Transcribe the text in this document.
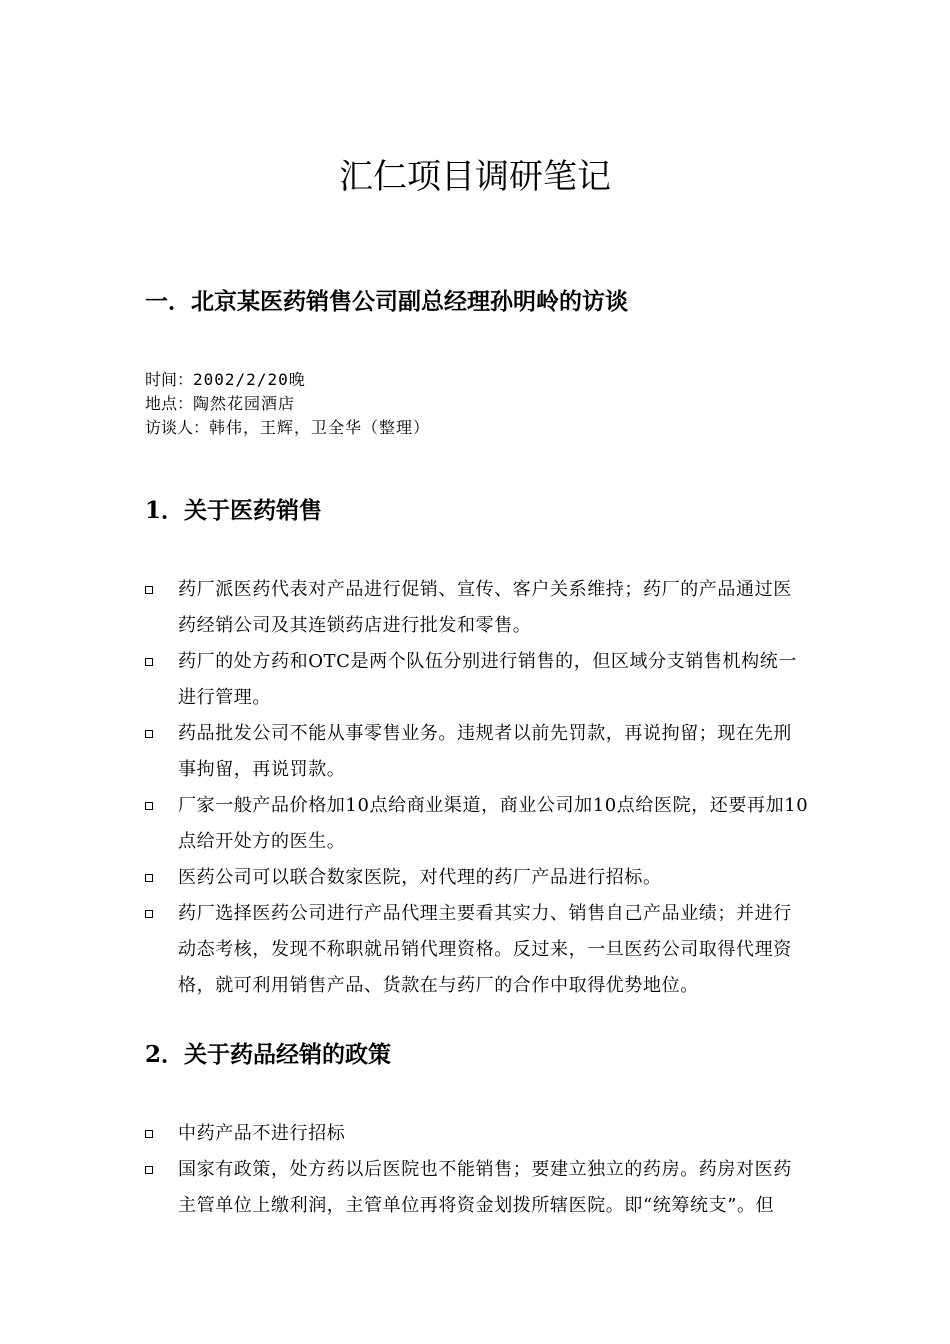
汇仁项目调研笔记
一．北京某医药销售公司副总经理孙明岭的访谈
时间：2002/2/20晚
地点：陶然花园酒店
访谈人：韩伟，王辉，卫全华（整理）
1．关于医药销售
药厂派医药代表对产品进行促销、宣传、客户关系维持；药厂的产品通过医药经销公司及其连锁药店进行批发和零售。
药厂的处方药和OTC是两个队伍分别进行销售的，但区域分支销售机构统一进行管理。
药品批发公司不能从事零售业务。违规者以前先罚款，再说拘留；现在先刑事拘留，再说罚款。
厂家一般产品价格加10点给商业渠道，商业公司加10点给医院，还要再加10点给开处方的医生。
医药公司可以联合数家医院，对代理的药厂产品进行招标。
药厂选择医药公司进行产品代理主要看其实力、销售自己产品业绩；并进行动态考核，发现不称职就吊销代理资格。反过来，一旦医药公司取得代理资格，就可利用销售产品、货款在与药厂的合作中取得优势地位。
2．关于药品经销的政策
中药产品不进行招标
国家有政策，处方药以后医院也不能销售；要建立独立的药房。药房对医药主管单位上缴利润，主管单位再将资金划拨所辖医院。即“统筹统支”。但
